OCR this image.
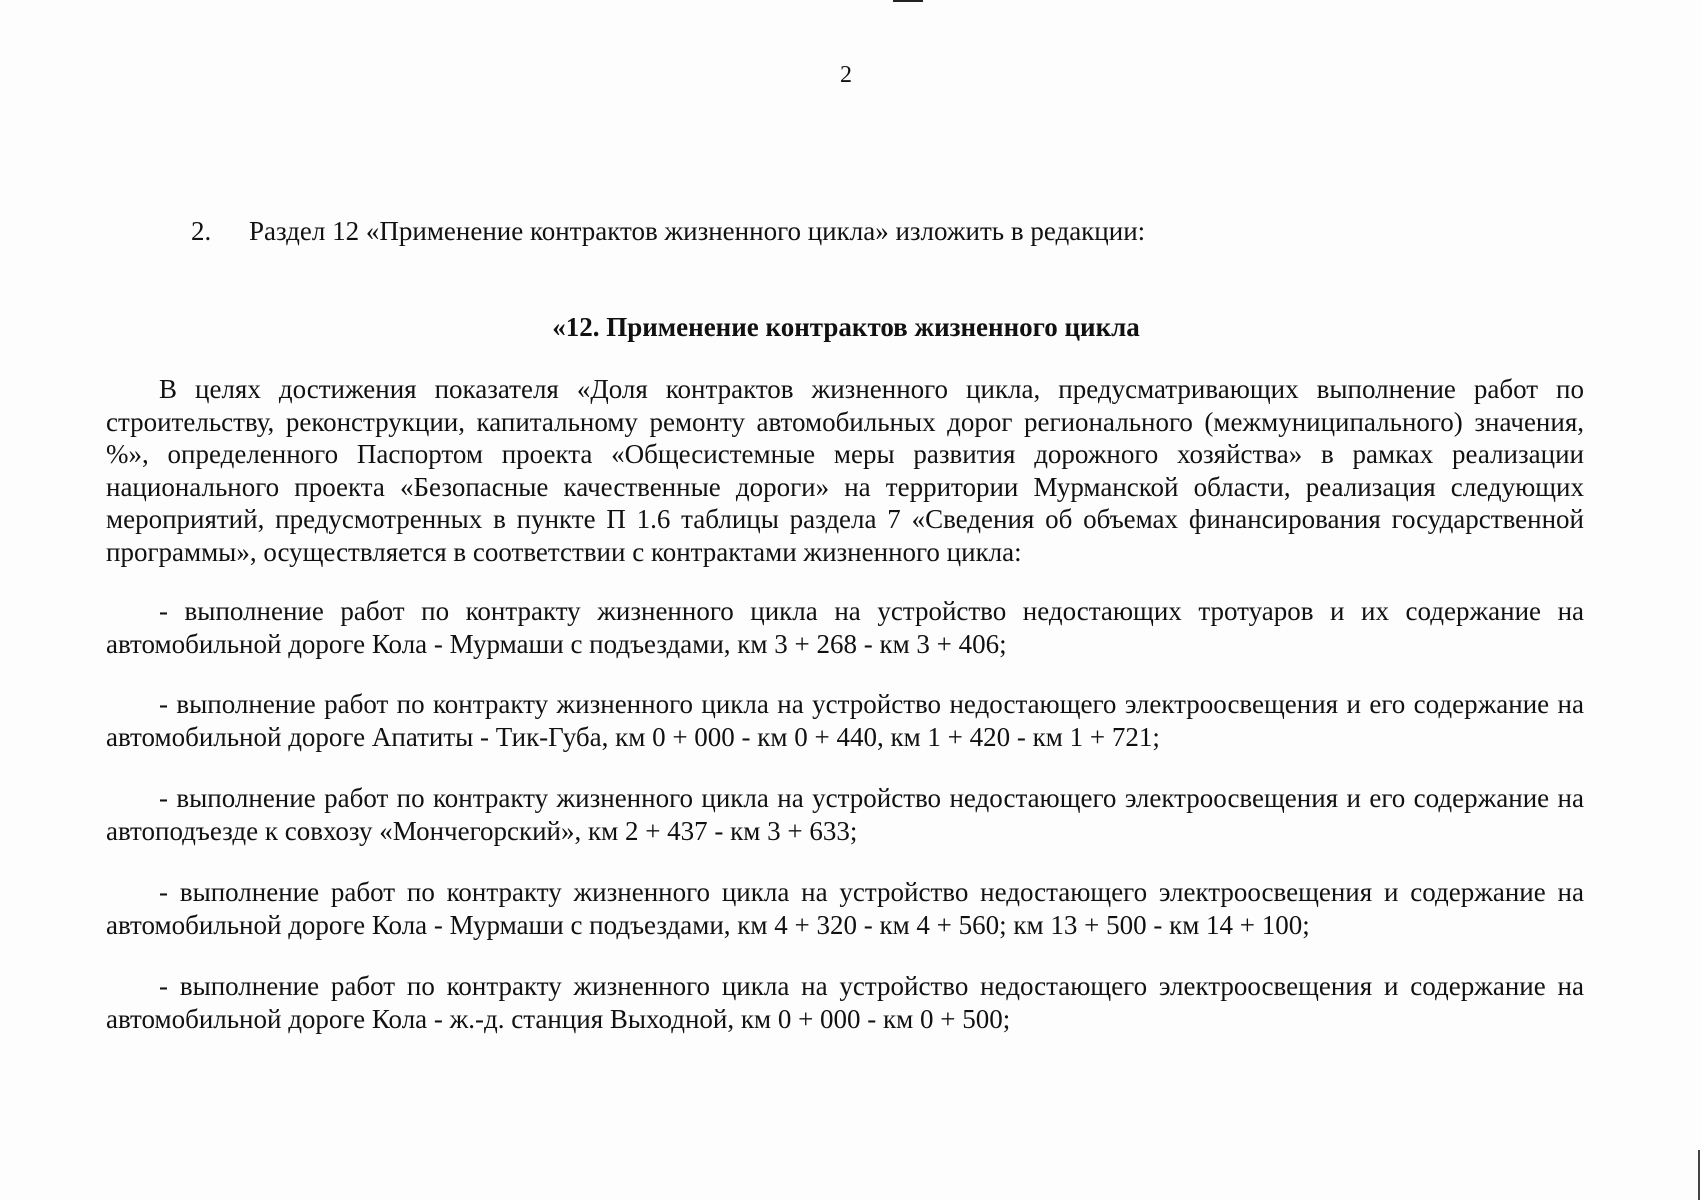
2
2. Раздел 12 «Применение контрактов жизненного цикла» изложить в редакции:
«12. Применение контрактов жизненного цикла

В целях достижения показателя «Доля контрактов жизненного цикла, предусматривающих выполнение работ по строительству, реконструкции, капитальному ремонту автомобильных дорог регионального (межмуниципального) значения, %», определенного Паспортом проекта «Общесистемные меры развития дорожного хозяйства» в рамках реализации национального проекта «Безопасные качественные дороги» на территории Мурманской области, реализация следующих мероприятий, предусмотренных в пункте П 1.6 таблицы раздела 7 «Сведения об объемах финансирования государственной программы», осуществляется в соответствии с контрактами жизненного цикла:

- выполнение работ по контракту жизненного цикла на устройство недостающих тротуаров и их содержание на автомобильной дороге Кола - Мурмаши с подъездами, км 3 + 268 - км 3 + 406;

- выполнение работ по контракту жизненного цикла на устройство недостающего электроосвещения и его содержание на автомобильной дороге Апатиты - Тик-Губа, км 0 + 000 - км 0 + 440, км 1 + 420 - км 1 + 721;

- выполнение работ по контракту жизненного цикла на устройство недостающего электроосвещения и его содержание на автоподъезде к совхозу «Мончегорский», км 2 + 437 - км 3 + 633;

- выполнение работ по контракту жизненного цикла на устройство недостающего электроосвещения и содержание на автомобильной дороге Кола - Мурмаши с подъездами, км 4 + 320 - км 4 + 560; км 13 + 500 - км 14 + 100;

- выполнение работ по контракту жизненного цикла на устройство недостающего электроосвещения и содержание на автомобильной дороге Кола - ж.-д. станция Выходной, км 0 + 000 - км 0 + 500;
